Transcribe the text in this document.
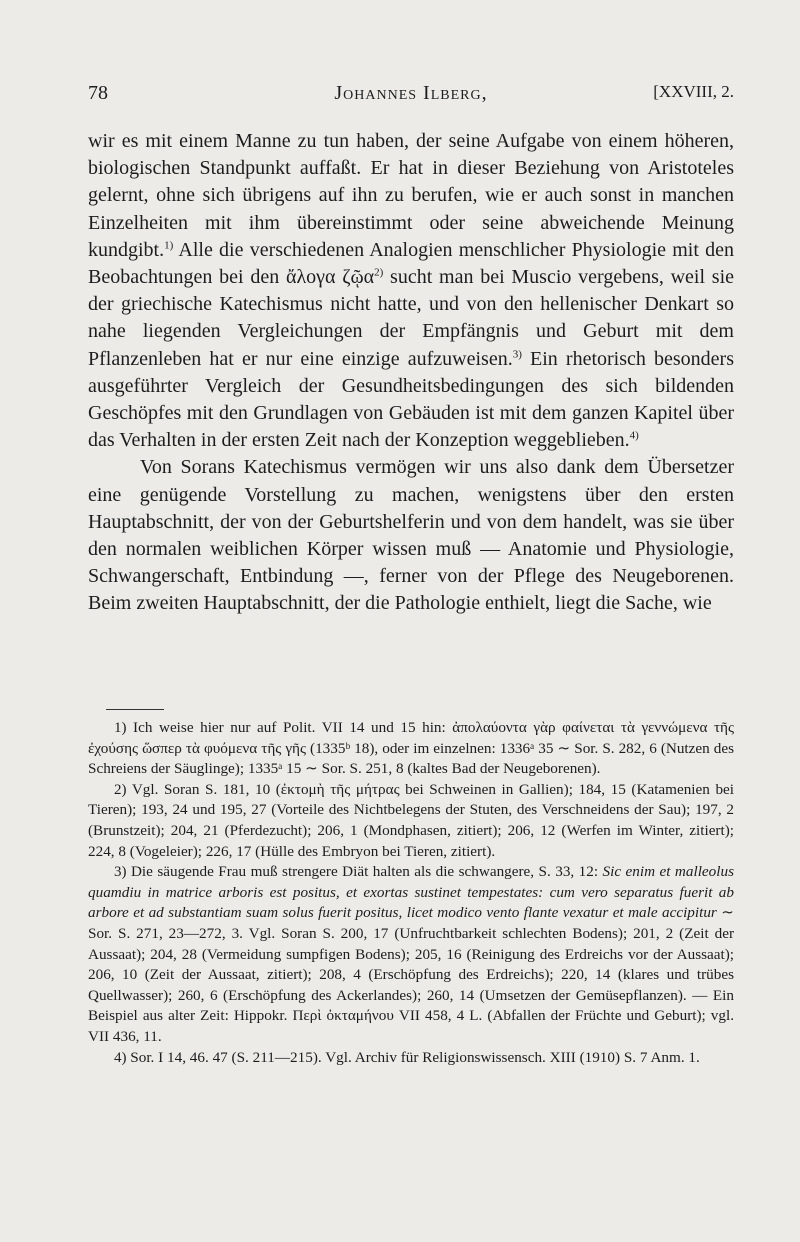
78	Johannes Ilberg,	[XXVIII, 2.

wir es mit einem Manne zu tun haben, der seine Aufgabe von einem höheren, biologischen Standpunkt auffaßt. Er hat in dieser Beziehung von Aristoteles gelernt, ohne sich übrigens auf ihn zu berufen, wie er auch sonst in manchen Einzelheiten mit ihm übereinstimmt oder seine abweichende Meinung kundgibt.$^{1)}$ Alle die verschiedenen Analogien menschlicher Physiologie mit den Beobachtungen bei den ἄλογα ζῷα$^{2)}$ sucht man bei Muscio vergebens, weil sie der griechische Katechismus nicht hatte, und von den hellenischer Denkart so nahe liegenden Vergleichungen der Empfängnis und Geburt mit dem Pflanzenleben hat er nur eine einzige aufzuweisen.$^{3)}$ Ein rhetorisch besonders ausgeführter Vergleich der Gesundheitsbedingungen des sich bildenden Geschöpfes mit den Grundlagen von Gebäuden ist mit dem ganzen Kapitel über das Verhalten in der ersten Zeit nach der Konzeption weggeblieben.$^{4)}$

Von Sorans Katechismus vermögen wir uns also dank dem Übersetzer eine genügende Vorstellung zu machen, wenigstens über den ersten Hauptabschnitt, der von der Geburtshelferin und von dem handelt, was sie über den normalen weiblichen Körper wissen muß — Anatomie und Physiologie, Schwangerschaft, Entbindung —, ferner von der Pflege des Neugeborenen. Beim zweiten Hauptabschnitt, der die Pathologie enthielt, liegt die Sache, wie

1) Ich weise hier nur auf Polit. VII 14 und 15 hin: ἀπολαύοντα γὰρ φαίνεται τὰ γεννώμενα τῆς ἐχούσης ὥσπερ τὰ φυόμενα τῆς γῆς (1335ᵇ 18), oder im einzelnen: 1336ᵃ 35 ∼ Sor. S. 282, 6 (Nutzen des Schreiens der Säuglinge); 1335ᵃ 15 ∼ Sor. S. 251, 8 (kaltes Bad der Neugeborenen).

2) Vgl. Soran S. 181, 10 (ἐκτομὴ τῆς μήτρας bei Schweinen in Gallien); 184, 15 (Katamenien bei Tieren); 193, 24 und 195, 27 (Vorteile des Nichtbelegens der Stuten, des Verschneidens der Sau); 197, 2 (Brunstzeit); 204, 21 (Pferdezucht); 206, 1 (Mondphasen, zitiert); 206, 12 (Werfen im Winter, zitiert); 224, 8 (Vogeleier); 226, 17 (Hülle des Embryon bei Tieren, zitiert).

3) Die säugende Frau muß strengere Diät halten als die schwangere, S. 33, 12: Sic enim et malleolus quamdiu in matrice arboris est positus, et exortas sustinet tempestates: cum vero separatus fuerit ab arbore et ad substantiam suam solus fuerit positus, licet modico vento flante vexatur et male accipitur ∼ Sor. S. 271, 23—272, 3. Vgl. Soran S. 200, 17 (Unfruchtbarkeit schlechten Bodens); 201, 2 (Zeit der Aussaat); 204, 28 (Vermeidung sumpfigen Bodens); 205, 16 (Reinigung des Erdreichs vor der Aussaat); 206, 10 (Zeit der Aussaat, zitiert); 208, 4 (Erschöpfung des Erdreichs); 220, 14 (klares und trübes Quellwasser); 260, 6 (Erschöpfung des Ackerlandes); 260, 14 (Umsetzen der Gemüsepflanzen). — Ein Beispiel aus alter Zeit: Hippokr. Περὶ ὀκταμήνου VII 458, 4 L. (Abfallen der Früchte und Geburt); vgl. VII 436, 11.

4) Sor. I 14, 46. 47 (S. 211—215). Vgl. Archiv für Religionswissensch. XIII (1910) S. 7 Anm. 1.
